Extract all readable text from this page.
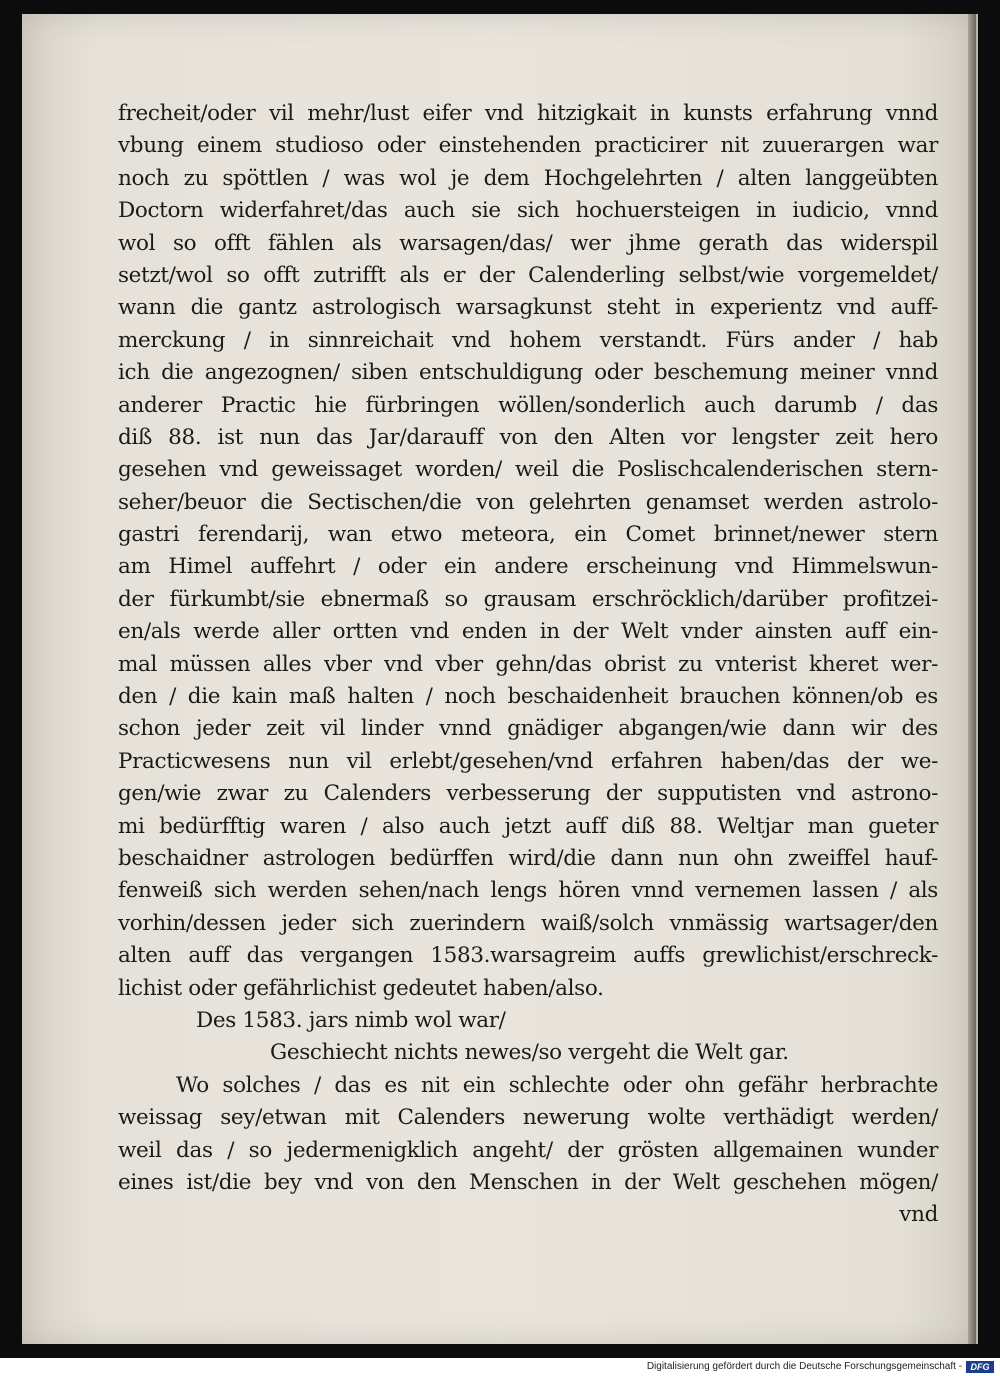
frecheit/oder vil mehr/lust eifer vnd hitzigkait in kunsts erfahrung vnnd
vbung einem studioso oder einstehenden practicirer nit zuuerargen war
noch zu spöttlen / was wol je dem Hochgelehrten / alten langgeübten
Doctorn widerfahret/das auch sie sich hochuersteigen in iudicio, vnnd
wol so offt fählen als warsagen/das/ wer jhme gerath das widerspil
setzt/wol so offt zutrifft als er der Calenderling selbst/wie vorgemeldet/
wann die gantz astrologisch warsagkunst steht in experientz vnd auff-
merckung / in sinnreichait vnd hohem verstandt. Fürs ander / hab
ich die angezognen/ siben entschuldigung oder beschemung meiner vnnd
anderer Practic hie fürbringen wöllen/sonderlich auch darumb / das
diß 88. ist nun das Jar/darauff von den Alten vor lengster zeit hero
gesehen vnd geweissaget worden/ weil die Poslischcalenderischen stern-
seher/beuor die Sectischen/die von gelehrten genamset werden astrolo-
gastri ferendarij, wan etwo meteora, ein Comet brinnet/newer stern
am Himel auffehrt / oder ein andere erscheinung vnd Himmelswun-
der fürkumbt/sie ebnermaß so grausam erschröcklich/darüber profitzei-
en/als werde aller ortten vnd enden in der Welt vnder ainsten auff ein-
mal müssen alles vber vnd vber gehn/das obrist zu vnterist kheret wer-
den / die kain maß halten / noch beschaidenheit brauchen können/ob es
schon jeder zeit vil linder vnnd gnädiger abgangen/wie dann wir des
Practicwesens nun vil erlebt/gesehen/vnd erfahren haben/das der we-
gen/wie zwar zu Calenders verbesserung der supputisten vnd astrono-
mi bedürfftig waren / also auch jetzt auff diß 88. Weltjar man gueter
beschaidner astrologen bedürffen wird/die dann nun ohn zweiffel hauf-
fenweiß sich werden sehen/nach lengs hören vnnd vernemen lassen / als
vorhin/dessen jeder sich zuerindern waiß/solch vnmässig wartsager/den
alten auff das vergangen 1583.warsagreim auffs grewlichist/erschreck-
lichist oder gefährlichist gedeutet haben/also.
Des 1583. jars nimb wol war/
Geschiecht nichts newes/so vergeht die Welt gar.
Wo solches / das es nit ein schlechte oder ohn gefähr herbrachte
weissag sey/etwan mit Calenders newerung wolte verthädigt werden/
weil das / so jedermenigklich angeht/ der grösten allgemainen wunder
eines ist/die bey vnd von den Menschen in der Welt geschehen mögen/
vnd
Digitalisierung gefördert durch die Deutsche Forschungsgemeinschaft - DFG
